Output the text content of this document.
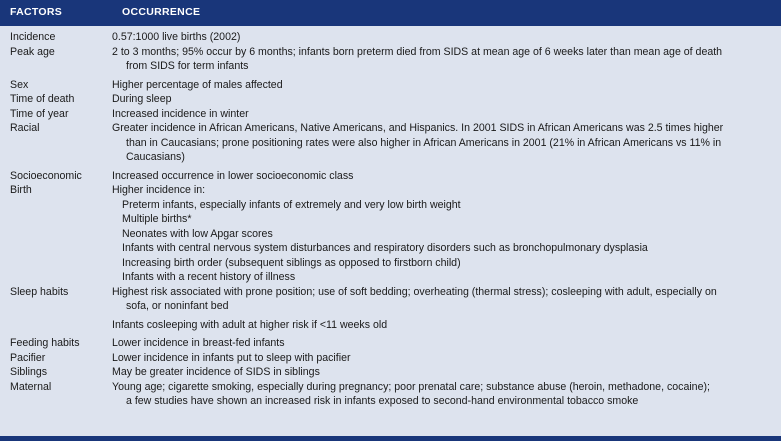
FACTORS	OCCURRENCE
Incidence	0.57:1000 live births (2002)
Peak age	2 to 3 months; 95% occur by 6 months; infants born preterm died from SIDS at mean age of 6 weeks later than mean age of death
from SIDS for term infants
Sex	Higher percentage of males affected
Time of death	During sleep
Time of year	Increased incidence in winter
Racial	Greater incidence in African Americans, Native Americans, and Hispanics. In 2001 SIDS in African Americans was 2.5 times higher
than in Caucasians; prone positioning rates were also higher in African Americans in 2001 (21% in African Americans vs 11% in
Caucasians)
Socioeconomic	Increased occurrence in lower socioeconomic class
Birth	Higher incidence in:
Preterm infants, especially infants of extremely and very low birth weight
Multiple births*
Neonates with low Apgar scores
Infants with central nervous system disturbances and respiratory disorders such as bronchopulmonary dysplasia
Increasing birth order (subsequent siblings as opposed to firstborn child)
Infants with a recent history of illness
Sleep habits	Highest risk associated with prone position; use of soft bedding; overheating (thermal stress); cosleeping with adult, especially on
sofa, or noninfant bed
Infants cosleeping with adult at higher risk if <11 weeks old
Feeding habits	Lower incidence in breast-fed infants
Pacifier	Lower incidence in infants put to sleep with pacifier
Siblings	May be greater incidence of SIDS in siblings
Maternal	Young age; cigarette smoking, especially during pregnancy; poor prenatal care; substance abuse (heroin, methadone, cocaine);
a few studies have shown an increased risk in infants exposed to second-hand environmental tobacco smoke
